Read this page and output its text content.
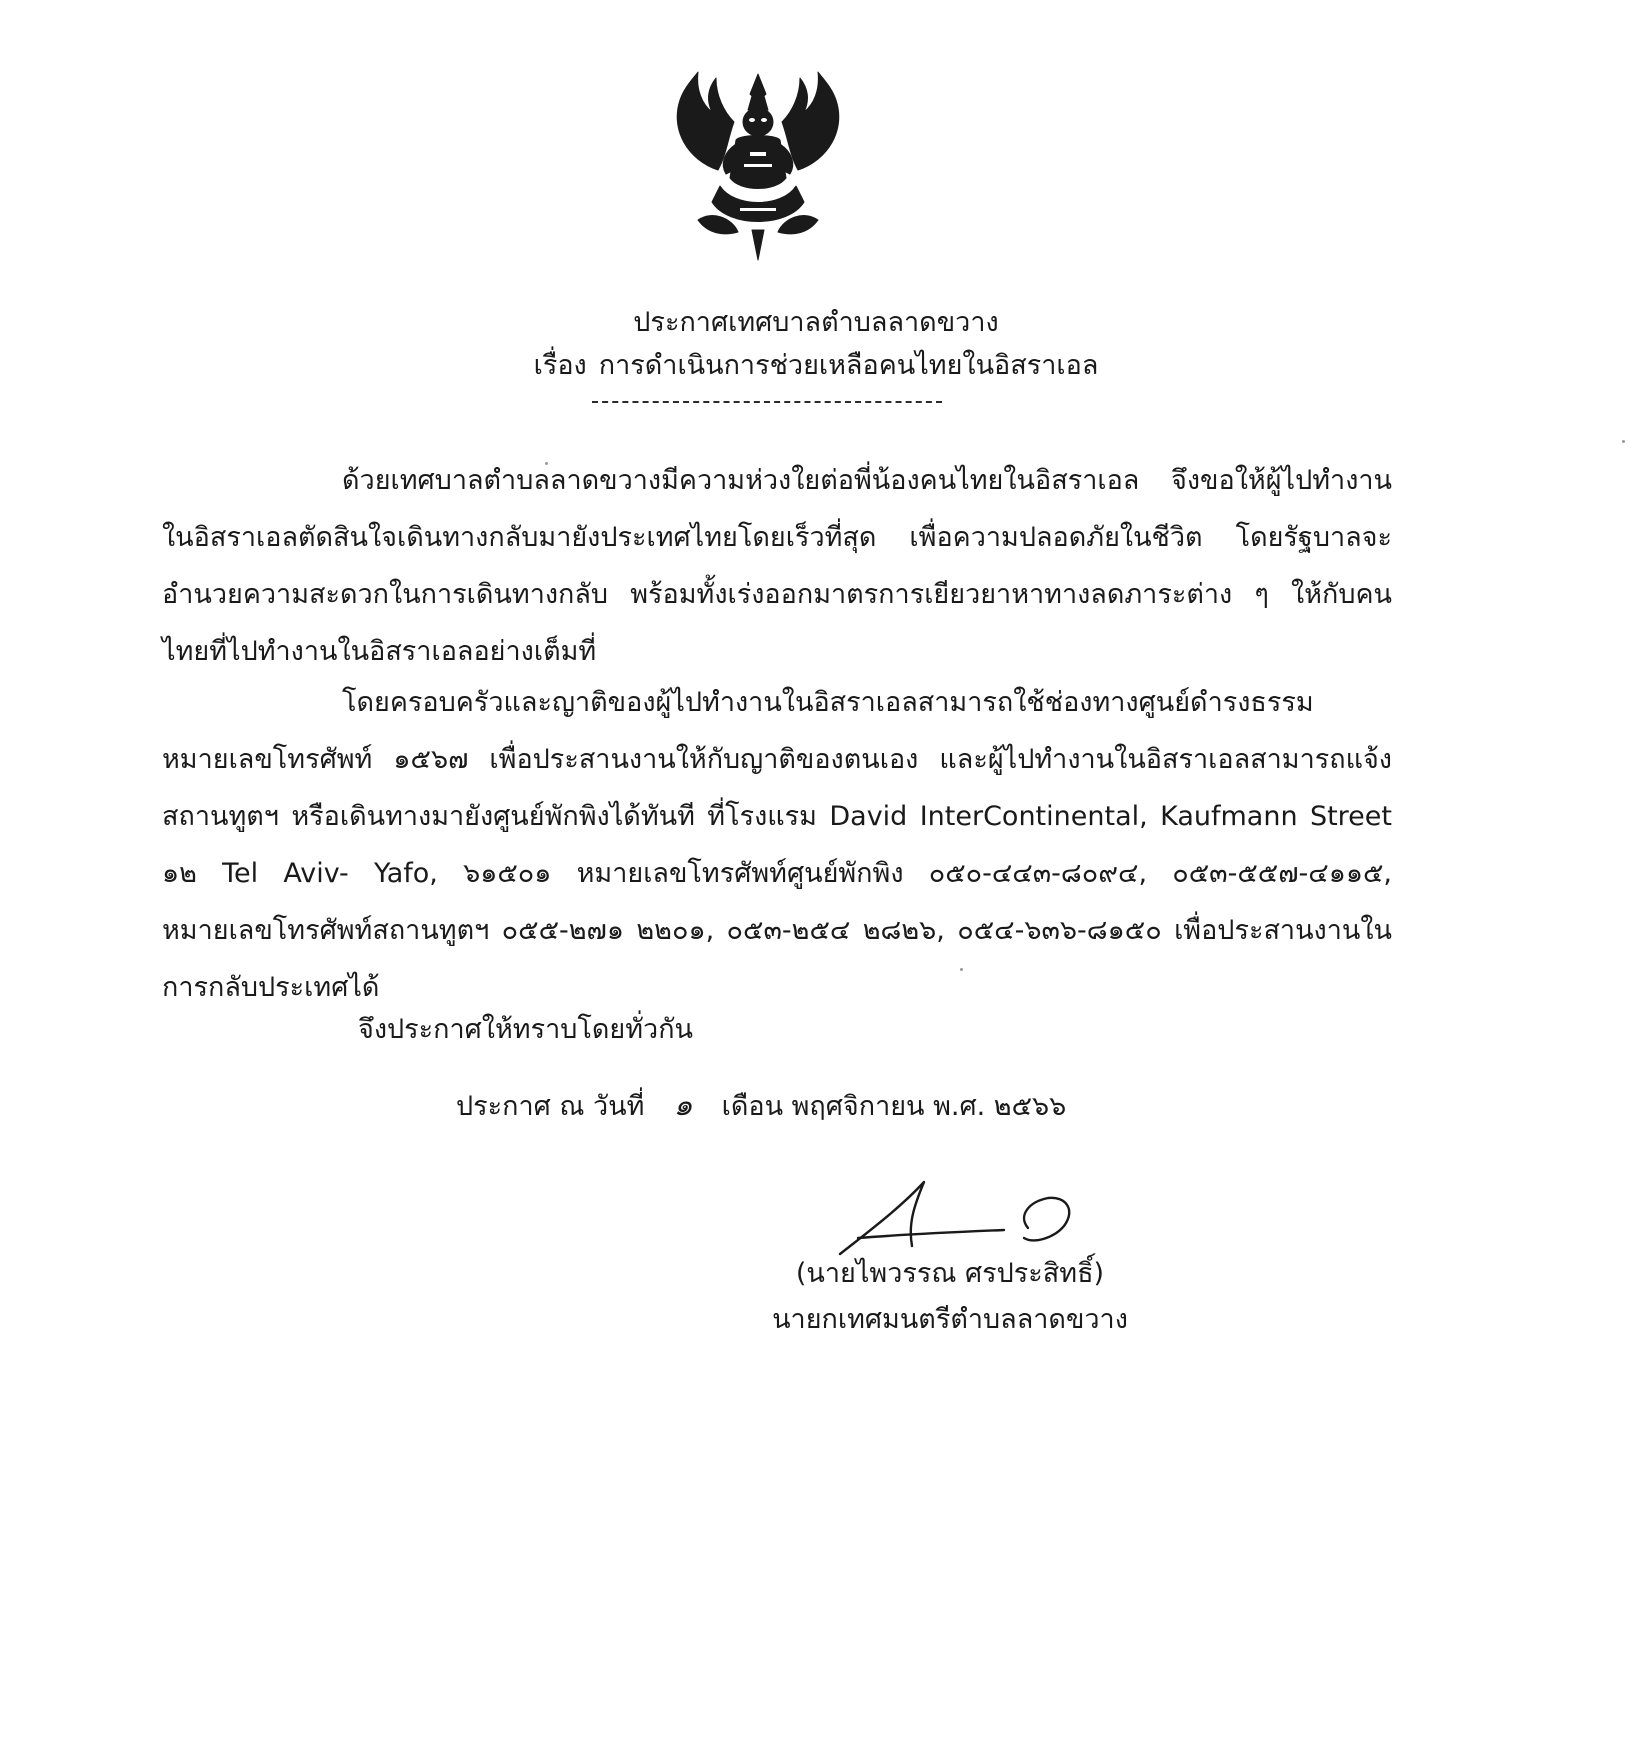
ประกาศเทศบาลตำบลลาดขวาง
เรื่อง การดำเนินการช่วยเหลือคนไทยในอิสราเอล
ด้วยเทศบาลตำบลลาดขวางมีความห่วงใยต่อพี่น้องคนไทยในอิสราเอล จึงขอให้ผู้ไปทำงานในอิสราเอลตัดสินใจเดินทางกลับมายังประเทศไทยโดยเร็วที่สุด เพื่อความปลอดภัยในชีวิต โดยรัฐบาลจะอำนวยความสะดวกในการเดินทางกลับ พร้อมทั้งเร่งออกมาตรการเยียวยาหาทางลดภาระต่าง ๆ ให้กับคนไทยที่ไปทำงานในอิสราเอลอย่างเต็มที่
โดยครอบครัวและญาติของผู้ไปทำงานในอิสราเอลสามารถใช้ช่องทางศูนย์ดำรงธรรม หมายเลขโทรศัพท์ ๑๕๖๗ เพื่อประสานงานให้กับญาติของตนเอง และผู้ไปทำงานในอิสราเอลสามารถแจ้งสถานทูตฯ หรือเดินทางมายังศูนย์พักพิงได้ทันที ที่โรงแรม David InterContinental, Kaufmann Street ๑๒ Tel Aviv- Yafo, ๖๑๕๐๑ หมายเลขโทรศัพท์ศูนย์พักพิง ๐๕๐-๔๔๓-๘๐๙๔, ๐๕๓-๕๕๗-๔๑๑๕, หมายเลขโทรศัพท์สถานทูตฯ ๐๕๕-๒๗๑ ๒๒๐๑, ๐๕๓-๒๕๔ ๒๘๒๖, ๐๕๔-๖๓๖-๘๑๕๐ เพื่อประสานงานในการกลับประเทศได้
จึงประกาศให้ทราบโดยทั่วกัน
ประกาศ ณ วันที่ ๑ เดือน พฤศจิกายน พ.ศ. ๒๕๖๖
(นายไพวรรณ ศรประสิทธิ์)
นายกเทศมนตรีตำบลลาดขวาง
